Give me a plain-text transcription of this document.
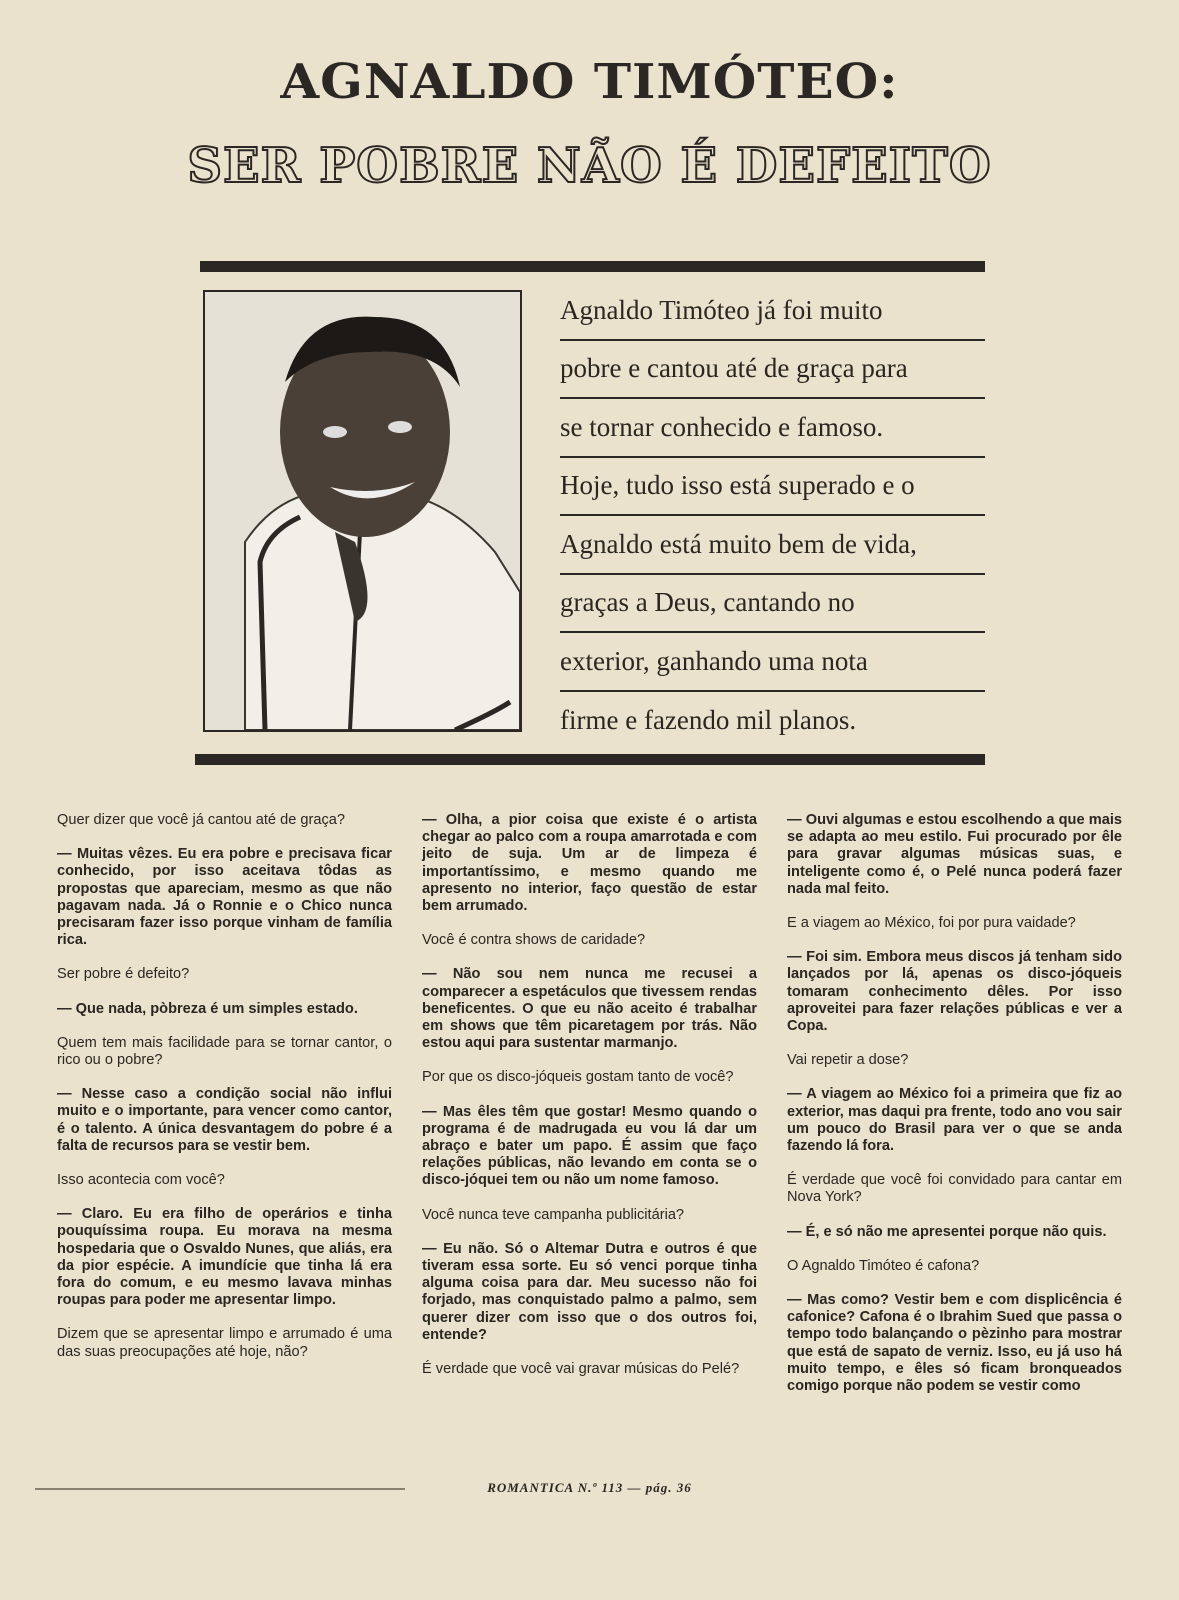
AGNALDO TIMÓTEO:
SER POBRE NÃO É DEFEITO
Agnaldo Timóteo já foi muito
pobre e cantou até de graça para
se tornar conhecido e famoso.
Hoje, tudo isso está superado e o
Agnaldo está muito bem de vida,
graças a Deus, cantando no
exterior, ganhando uma nota
firme e fazendo mil planos.

Quer dizer que você já cantou até de graça?

— Muitas vêzes. Eu era pobre e precisava ficar conhecido, por isso aceitava tôdas as propostas que apareciam, mesmo as que não pagavam nada. Já o Ronnie e o Chico nunca precisaram fazer isso porque vinham de família rica.

Ser pobre é defeito?

— Que nada, pòbreza é um simples estado.

Quem tem mais facilidade para se tornar cantor, o rico ou o pobre?

— Nesse caso a condição social não influi muito e o importante, para vencer como cantor, é o talento. A única desvantagem do pobre é a falta de recursos para se vestir bem.

Isso acontecia com você?

— Claro. Eu era filho de operários e tinha pouquíssima roupa. Eu morava na mesma hospedaria que o Osvaldo Nunes, que aliás, era da pior espécie. A imundície que tinha lá era fora do comum, e eu mesmo lavava minhas roupas para poder me apresentar limpo.

Dizem que se apresentar limpo e arrumado é uma das suas preocupações até hoje, não?

— Olha, a pior coisa que existe é o artista chegar ao palco com a roupa amarrotada e com jeito de suja. Um ar de limpeza é importantíssimo, e mesmo quando me apresento no interior, faço questão de estar bem arrumado.

Você é contra shows de caridade?

— Não sou nem nunca me recusei a comparecer a espetáculos que tivessem rendas beneficentes. O que eu não aceito é trabalhar em shows que têm picaretagem por trás. Não estou aqui para sustentar marmanjo.

Por que os disco-jóqueis gostam tanto de você?

— Mas êles têm que gostar! Mesmo quando o programa é de madrugada eu vou lá dar um abraço e bater um papo. É assim que faço relações públicas, não levando em conta se o disco-jóquei tem ou não um nome famoso.

Você nunca teve campanha publicitária?

— Eu não. Só o Altemar Dutra e outros é que tiveram essa sorte. Eu só venci porque tinha alguma coisa para dar. Meu sucesso não foi forjado, mas conquistado palmo a palmo, sem querer dizer com isso que o dos outros foi, entende?

É verdade que você vai gravar músicas do Pelé?

— Ouvi algumas e estou escolhendo a que mais se adapta ao meu estilo. Fui procurado por êle para gravar algumas músicas suas, e inteligente como é, o Pelé nunca poderá fazer nada mal feito.

E a viagem ao México, foi por pura vaidade?

— Foi sim. Embora meus discos já tenham sido lançados por lá, apenas os disco-jóqueis tomaram conhecimento dêles. Por isso aproveitei para fazer relações públicas e ver a Copa.

Vai repetir a dose?

— A viagem ao México foi a primeira que fiz ao exterior, mas daqui pra frente, todo ano vou sair um pouco do Brasil para ver o que se anda fazendo lá fora.

É verdade que você foi convidado para cantar em Nova York?

— É, e só não me apresentei porque não quis.

O Agnaldo Timóteo é cafona?

— Mas como? Vestir bem e com displicência é cafonice? Cafona é o Ibrahim Sued que passa o tempo todo balançando o pèzinho para mostrar que está de sapato de verniz. Isso, eu já uso há muito tempo, e êles só ficam bronqueados comigo porque não podem se vestir como

ROMANTICA N.º 113 — pág. 36
